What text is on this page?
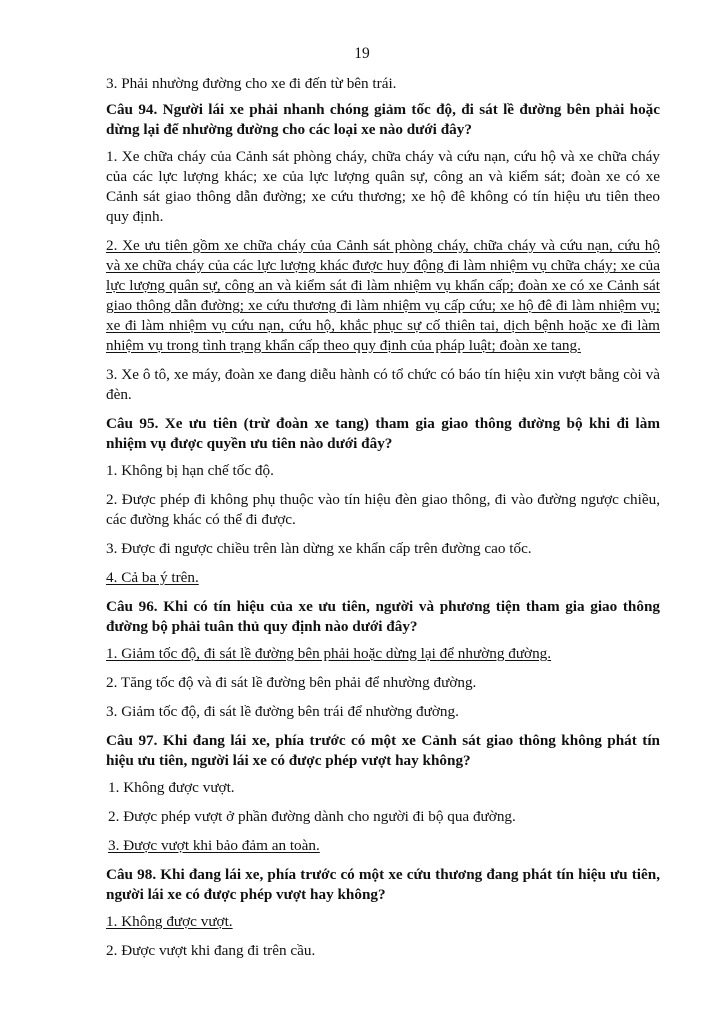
19

3. Phải nhường đường cho xe đi đến từ bên trái.

Câu 94. Người lái xe phải nhanh chóng giảm tốc độ, đi sát lề đường bên phải hoặc dừng lại để nhường đường cho các loại xe nào dưới đây?

1. Xe chữa cháy của Cảnh sát phòng cháy, chữa cháy và cứu nạn, cứu hộ và xe chữa cháy của các lực lượng khác; xe của lực lượng quân sự, công an và kiểm sát; đoàn xe có xe Cảnh sát giao thông dẫn đường; xe cứu thương; xe hộ đê không có tín hiệu ưu tiên theo quy định.

2. Xe ưu tiên gồm xe chữa cháy của Cảnh sát phòng cháy, chữa cháy và cứu nạn, cứu hộ và xe chữa cháy của các lực lượng khác được huy động đi làm nhiệm vụ chữa cháy; xe của lực lượng quân sự, công an và kiểm sát đi làm nhiệm vụ khẩn cấp; đoàn xe có xe Cảnh sát giao thông dẫn đường; xe cứu thương đi làm nhiệm vụ cấp cứu; xe hộ đê đi làm nhiệm vụ; xe đi làm nhiệm vụ cứu nạn, cứu hộ, khắc phục sự cố thiên tai, dịch bệnh hoặc xe đi làm nhiệm vụ trong tình trạng khẩn cấp theo quy định của pháp luật; đoàn xe tang.

3. Xe ô tô, xe máy, đoàn xe đang diễu hành có tổ chức có báo tín hiệu xin vượt bằng còi và đèn.

Câu 95. Xe ưu tiên (trừ đoàn xe tang) tham gia giao thông đường bộ khi đi làm nhiệm vụ được quyền ưu tiên nào dưới đây?

1. Không bị hạn chế tốc độ.

2. Được phép đi không phụ thuộc vào tín hiệu đèn giao thông, đi vào đường ngược chiều, các đường khác có thể đi được.

3. Được đi ngược chiều trên làn dừng xe khẩn cấp trên đường cao tốc.

4. Cả ba ý trên.

Câu 96. Khi có tín hiệu của xe ưu tiên, người và phương tiện tham gia giao thông đường bộ phải tuân thủ quy định nào dưới đây?

1. Giảm tốc độ, đi sát lề đường bên phải hoặc dừng lại để nhường đường.

2. Tăng tốc độ và đi sát lề đường bên phải để nhường đường.

3. Giảm tốc độ, đi sát lề đường bên trái để nhường đường.

Câu 97. Khi đang lái xe, phía trước có một xe Cảnh sát giao thông không phát tín hiệu ưu tiên, người lái xe có được phép vượt hay không?

1. Không được vượt.

2. Được phép vượt ở phần đường dành cho người đi bộ qua đường.

3. Được vượt khi bảo đảm an toàn.

Câu 98. Khi đang lái xe, phía trước có một xe cứu thương đang phát tín hiệu ưu tiên, người lái xe có được phép vượt hay không?

1. Không được vượt.

2. Được vượt khi đang đi trên cầu.
